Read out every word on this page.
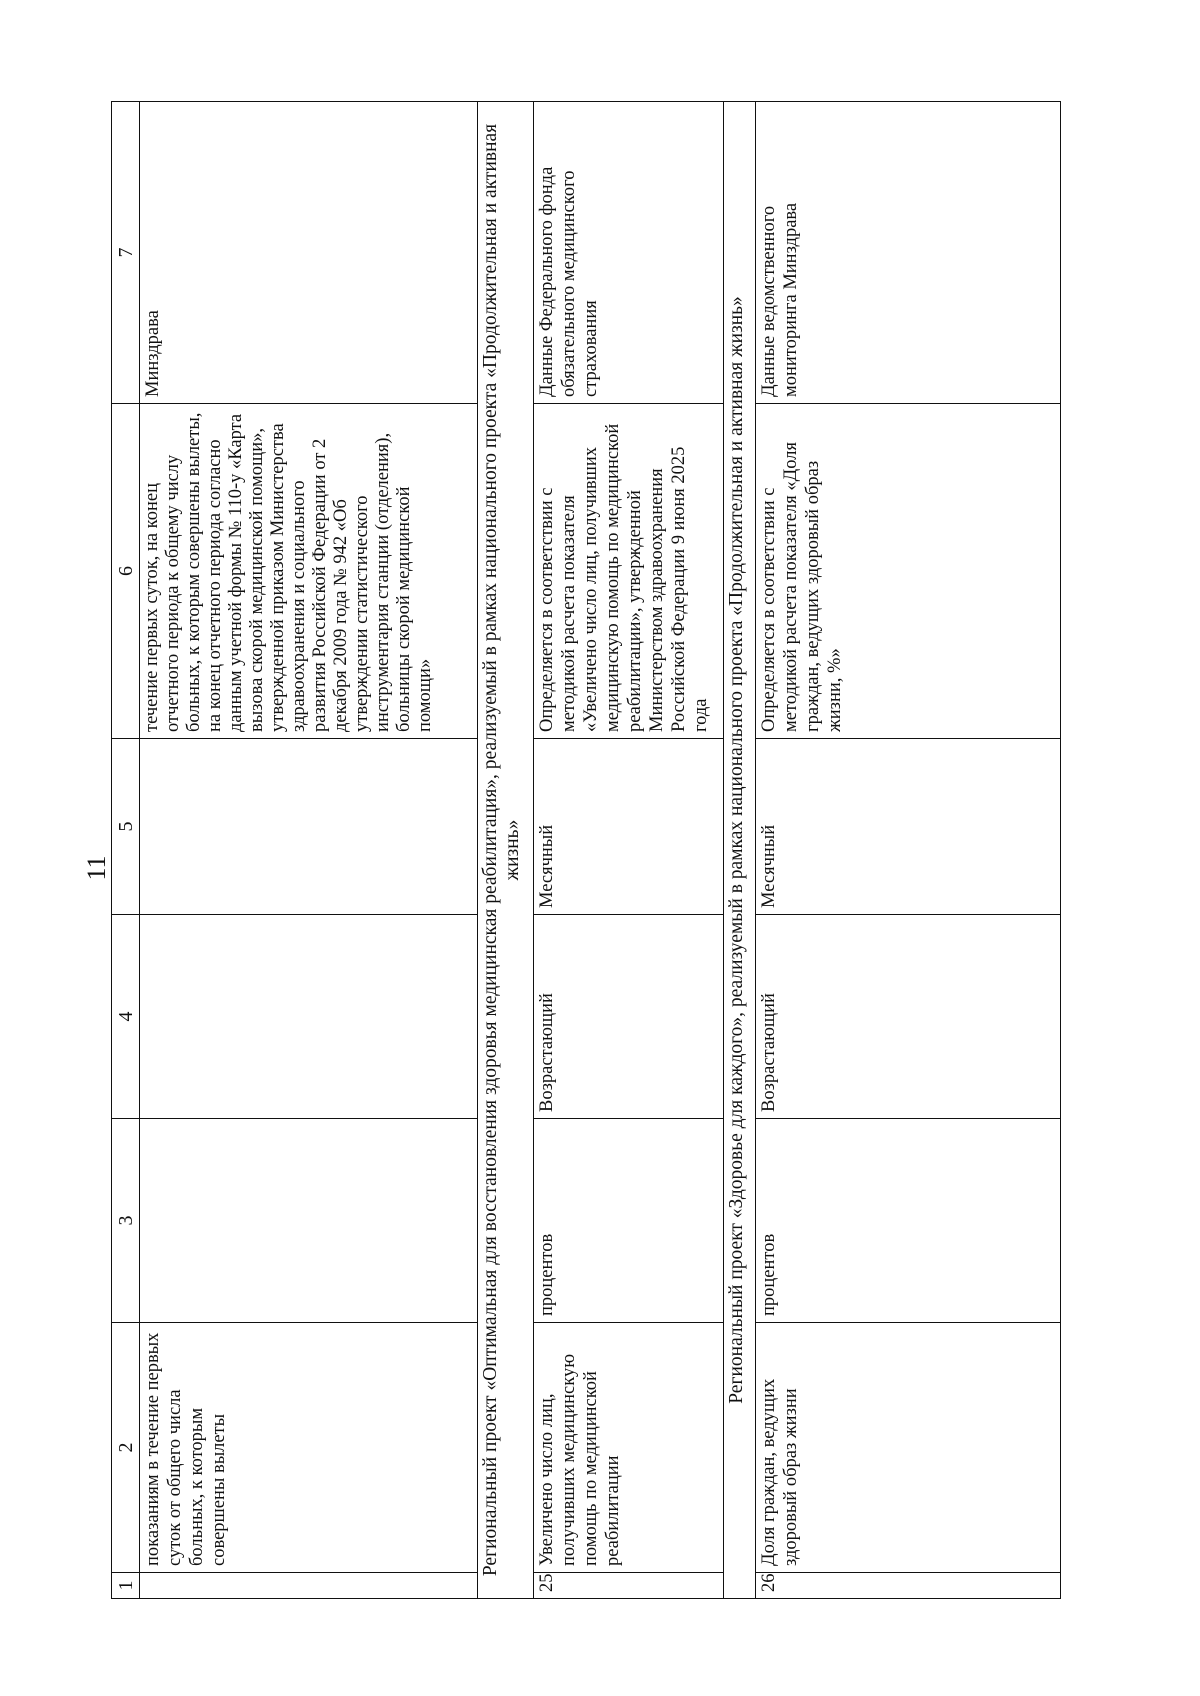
11
1	2	3	4	5	6	7
	показаниям в течение первых суток от общего числа больных, к которым совершены вылеты				течение первых суток, на конец отчетного периода к общему числу больных, к которым совершены вылеты, на конец отчетного периода согласно данным учетной формы № 110-у «Карта вызова скорой медицинской помощи», утвержденной приказом Министерства здравоохранения и социального развития Российской Федерации от 2 декабря 2009 года № 942 «Об утверждении статистического инструментария станции (отделения), больницы скорой медицинской помощи»	Минздрава
Региональный проект «Оптимальная для восстановления здоровья медицинская реабилитация», реализуемый в рамках национального проекта «Продолжительная и активная жизнь»						
25	Увеличено число лиц, получивших медицинскую помощь по медицинской реабилитации	процентов	Возрастающий	Месячный	Определяется в соответствии с методикой расчета показателя «Увеличено число лиц, получивших медицинскую помощь по медицинской реабилитации», утвержденной Министерством здравоохранения Российской Федерации 9 июня 2025 года	Данные Федерального фонда обязательного медицинского страхования
Региональный проект «Здоровье для каждого», реализуемый в рамках национального проекта «Продолжительная и активная жизнь»						
26	Доля граждан, ведущих здоровый образ жизни	процентов	Возрастающий	Месячный	Определяется в соответствии с методикой расчета показателя «Доля граждан, ведущих здоровый образ жизни, %»	Данные ведомственного мониторинга Минздрава
